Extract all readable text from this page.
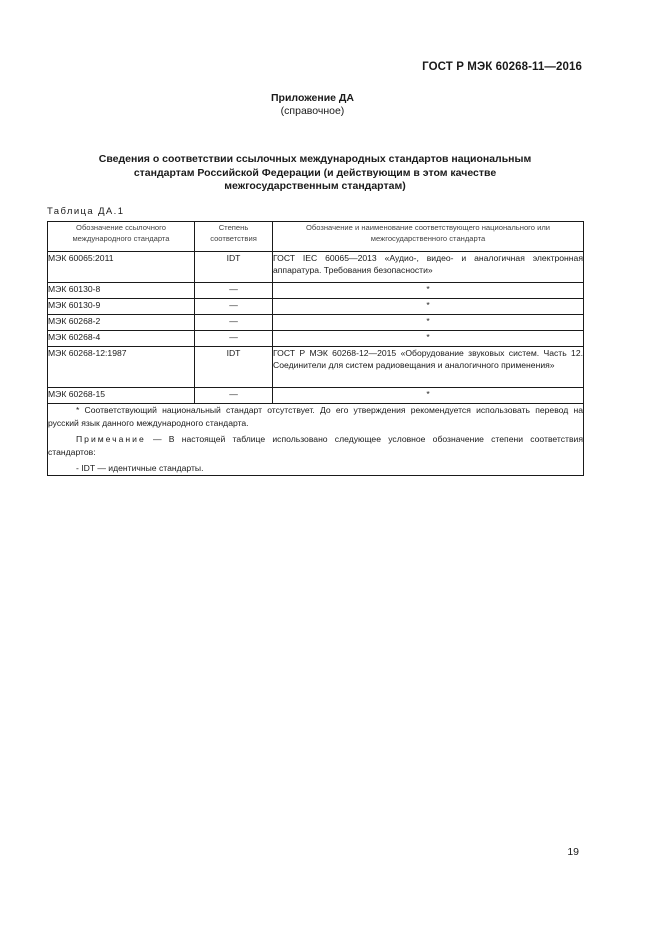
ГОСТ Р МЭК 60268-11—2016
Приложение ДА
(справочное)
Сведения о соответствии ссылочных международных стандартов национальным
стандартам Российской Федерации (и действующим в этом качестве
межгосударственным стандартам)
Таблица ДА.1
Обозначение ссылочного международного стандарта	Степень соответствия	Обозначение и наименование соответствующего национального или межгосударственного стандарта
МЭК 60065:2011	IDT	ГОСТ IEC 60065—2013 «Аудио-, видео- и аналогичная электронная аппаратура. Требования безопасности»
МЭК 60130-8	—	*
МЭК 60130-9	—	*
МЭК 60268-2	—	*
МЭК 60268-4	—	*
МЭК 60268-12:1987	IDT	ГОСТ Р МЭК 60268-12—2015 «Оборудование звуковых систем. Часть 12. Соединители для систем радиовещания и аналогичного применения»
МЭК 60268-15	—	*

* Соответствующий национальный стандарт отсутствует. До его утверждения рекомендуется использовать перевод на русский язык данного международного стандарта.

Примечание — В настоящей таблице использовано следующее условное обозначение степени соответствия стандартов:

- IDT — идентичные стандарты.		

19
